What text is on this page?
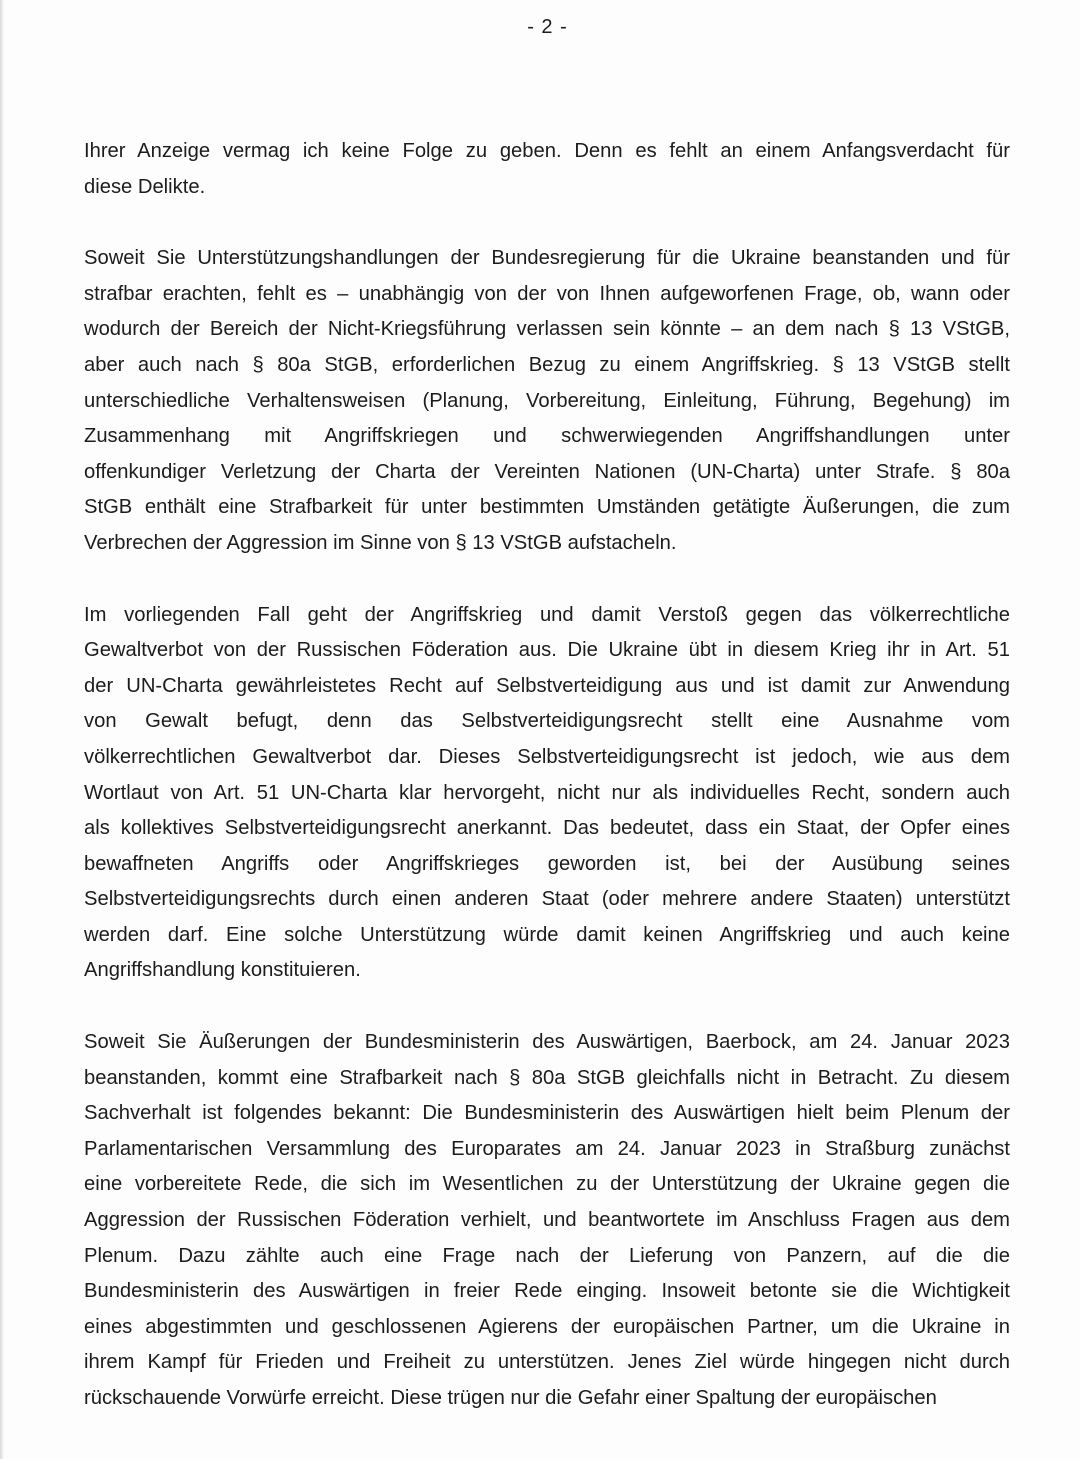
- 2 -
Ihrer Anzeige vermag ich keine Folge zu geben. Denn es fehlt an einem Anfangsverdacht für
diese Delikte.
Soweit Sie Unterstützungshandlungen der Bundesregierung für die Ukraine beanstanden und für
strafbar erachten, fehlt es – unabhängig von der von Ihnen aufgeworfenen Frage, ob, wann oder
wodurch der Bereich der Nicht-Kriegsführung verlassen sein könnte – an dem nach § 13 VStGB,
aber auch nach § 80a StGB, erforderlichen Bezug zu einem Angriffskrieg. § 13 VStGB stellt
unterschiedliche Verhaltensweisen (Planung, Vorbereitung, Einleitung, Führung, Begehung) im
Zusammenhang mit Angriffskriegen und schwerwiegenden Angriffshandlungen unter
offenkundiger Verletzung der Charta der Vereinten Nationen (UN-Charta) unter Strafe. § 80a
StGB enthält eine Strafbarkeit für unter bestimmten Umständen getätigte Äußerungen, die zum
Verbrechen der Aggression im Sinne von § 13 VStGB aufstacheln.
Im vorliegenden Fall geht der Angriffskrieg und damit Verstoß gegen das völkerrechtliche
Gewaltverbot von der Russischen Föderation aus. Die Ukraine übt in diesem Krieg ihr in Art. 51
der UN-Charta gewährleistetes Recht auf Selbstverteidigung aus und ist damit zur Anwendung
von Gewalt befugt, denn das Selbstverteidigungsrecht stellt eine Ausnahme vom
völkerrechtlichen Gewaltverbot dar. Dieses Selbstverteidigungsrecht ist jedoch, wie aus dem
Wortlaut von Art. 51 UN-Charta klar hervorgeht, nicht nur als individuelles Recht, sondern auch
als kollektives Selbstverteidigungsrecht anerkannt. Das bedeutet, dass ein Staat, der Opfer eines
bewaffneten Angriffs oder Angriffskrieges geworden ist, bei der Ausübung seines
Selbstverteidigungsrechts durch einen anderen Staat (oder mehrere andere Staaten) unterstützt
werden darf. Eine solche Unterstützung würde damit keinen Angriffskrieg und auch keine
Angriffshandlung konstituieren.
Soweit Sie Äußerungen der Bundesministerin des Auswärtigen, Baerbock, am 24. Januar 2023
beanstanden, kommt eine Strafbarkeit nach § 80a StGB gleichfalls nicht in Betracht. Zu diesem
Sachverhalt ist folgendes bekannt: Die Bundesministerin des Auswärtigen hielt beim Plenum der
Parlamentarischen Versammlung des Europarates am 24. Januar 2023 in Straßburg zunächst
eine vorbereitete Rede, die sich im Wesentlichen zu der Unterstützung der Ukraine gegen die
Aggression der Russischen Föderation verhielt, und beantwortete im Anschluss Fragen aus dem
Plenum. Dazu zählte auch eine Frage nach der Lieferung von Panzern, auf die die
Bundesministerin des Auswärtigen in freier Rede einging. Insoweit betonte sie die Wichtigkeit
eines abgestimmten und geschlossenen Agierens der europäischen Partner, um die Ukraine in
ihrem Kampf für Frieden und Freiheit zu unterstützen. Jenes Ziel würde hingegen nicht durch
rückschauende Vorwürfe erreicht. Diese trügen nur die Gefahr einer Spaltung der europäischen
